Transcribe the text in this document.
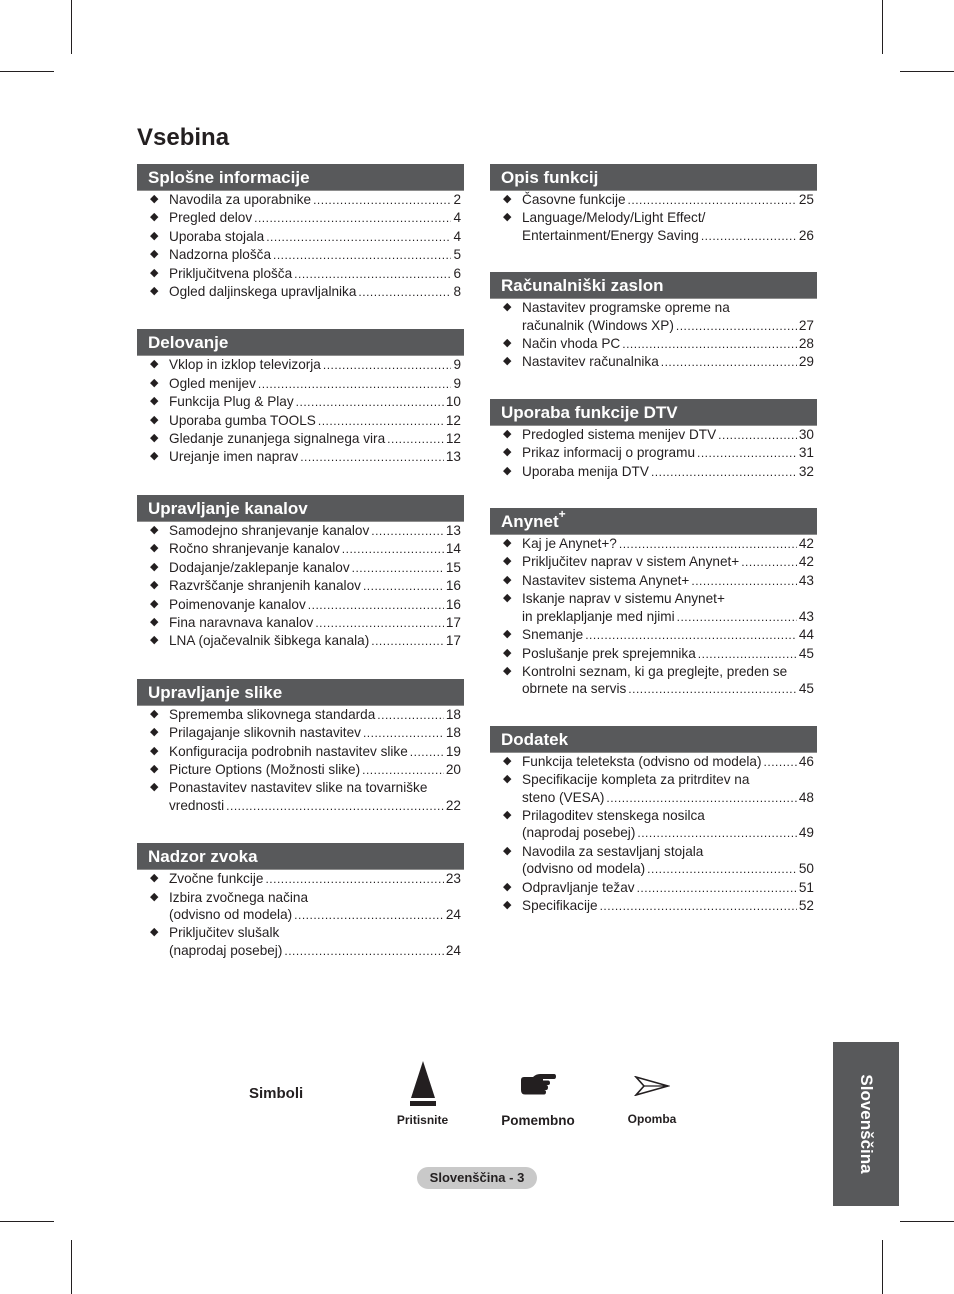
Vsebina
Splošne informacije
◆ Navodila za uporabnike .....	2
◆ Pregled delov .....	4
◆ Uporaba stojala .....	4
◆ Nadzorna plošča .....	5
◆ Priključitvena plošča .....	6
◆ Ogled daljinskega upravljalnika .....	8
Delovanje
◆ Vklop in izklop televizorja .....	9
◆ Ogled menijev .....	9
◆ Funkcija Plug & Play .....	10
◆ Uporaba gumba TOOLS .....	12
◆ Gledanje zunanjega signalnega vira .....	12
◆ Urejanje imen naprav .....	13
Upravljanje kanalov
◆ Samodejno shranjevanje kanalov .....	13
◆ Ročno shranjevanje kanalov .....	14
◆ Dodajanje/zaklepanje kanalov .....	15
◆ Razvrščanje shranjenih kanalov .....	16
◆ Poimenovanje kanalov .....	16
◆ Fina naravnava kanalov .....	17
◆ LNA (ojačevalnik šibkega kanala) .....	17
Upravljanje slike
◆ Sprememba slikovnega standarda .....	18
◆ Prilagajanje slikovnih nastavitev .....	18
◆ Konfiguracija podrobnih nastavitev slike .....	19
◆ Picture Options (Možnosti slike) .....	20
◆ Ponastavitev nastavitev slike na tovarniške
vrednosti .....	22
Nadzor zvoka
◆ Zvočne funkcije .....	23
◆ Izbira zvočnega načina
(odvisno od modela) .....	24
◆ Priključitev slušalk
(naprodaj posebej) .....	24
Opis funkcij
◆ Časovne funkcije .....	25
◆ Language/Melody/Light Effect/
Entertainment/Energy Saving .....	26
Računalniški zaslon
◆ Nastavitev programske opreme na
računalnik (Windows XP) .....	27
◆ Način vhoda PC .....	28
◆ Nastavitev računalnika .....	29
Uporaba funkcije DTV
◆ Predogled sistema menijev DTV .....	30
◆ Prikaz informacij o programu .....	31
◆ Uporaba menija DTV .....	32
Anynet+
◆ Kaj je Anynet+? .....	42
◆ Priključitev naprav v sistem Anynet+ .....	42
◆ Nastavitev sistema Anynet+ .....	43
◆ Iskanje naprav v sistemu Anynet+
in preklapljanje med njimi .....	43
◆ Snemanje .....	44
◆ Poslušanje prek sprejemnika .....	45
◆ Kontrolni seznam, ki ga preglejte, preden se
obrnete na servis .....	45
Dodatek
◆ Funkcija teleteksta (odvisno od modela) .....	46
◆ Specifikacije kompleta za pritrditev na
steno (VESA) .....	48
◆ Prilagoditev stenskega nosilca
(naprodaj posebej) .....	49
◆ Navodila za sestavljanj stojala
(odvisno od modela) .....	50
◆ Odpravljanje težav .....	51
◆ Specifikacije .....	52
Slovenščina
Simboli
Pritisnite	Pomembno	Opomba
Slovenščina - 3
